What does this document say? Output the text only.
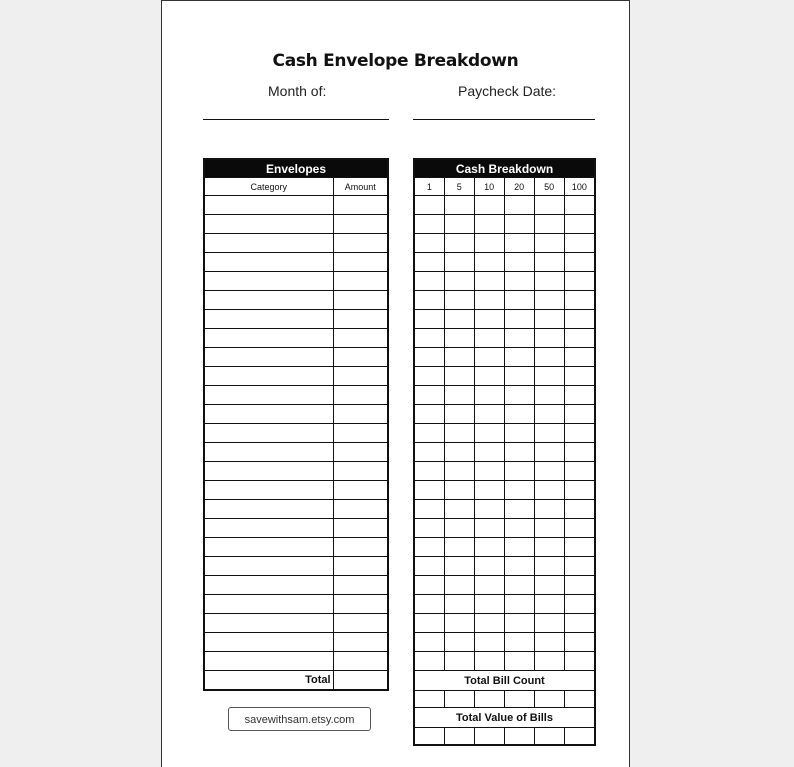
Cash Envelope Breakdown
Month of:	Paycheck Date:
Envelopes	
Category	Amount

Total	
Cash Breakdown					
1	5	10	20	50	100

Total Bill Count					

Total Value of Bills					

savewithsam.etsy.com
